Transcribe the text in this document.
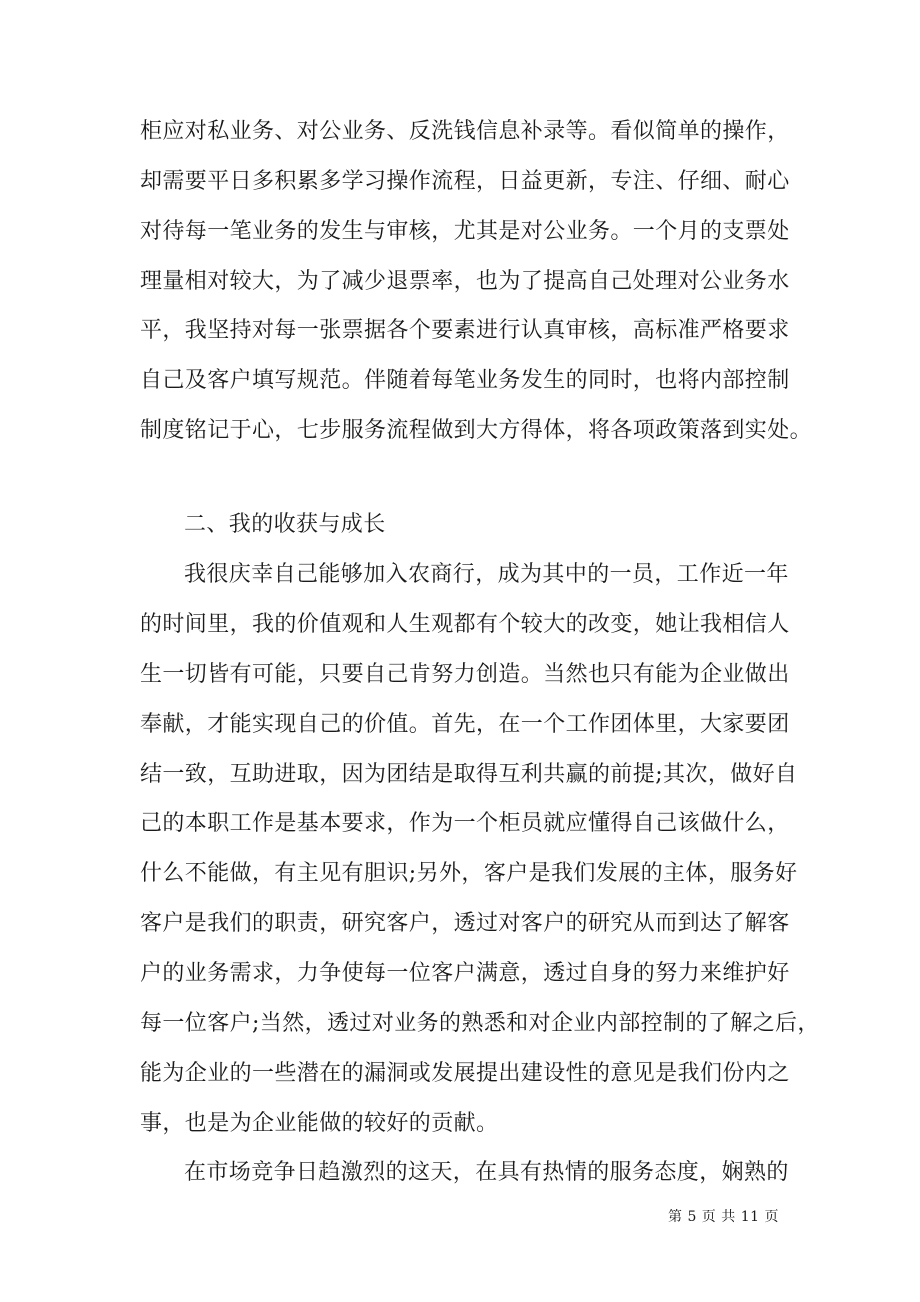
柜应对私业务、对公业务、反洗钱信息补录等。看似简单的操作，
却需要平日多积累多学习操作流程，日益更新，专注、仔细、耐心
对待每一笔业务的发生与审核，尤其是对公业务。一个月的支票处
理量相对较大，为了减少退票率，也为了提高自己处理对公业务水
平，我坚持对每一张票据各个要素进行认真审核，高标准严格要求
自己及客户填写规范。伴随着每笔业务发生的同时，也将内部控制
制度铭记于心，七步服务流程做到大方得体，将各项政策落到实处。
二、我的收获与成长
我很庆幸自己能够加入农商行，成为其中的一员，工作近一年
的时间里，我的价值观和人生观都有个较大的改变，她让我相信人
生一切皆有可能，只要自己肯努力创造。当然也只有能为企业做出
奉献，才能实现自己的价值。首先，在一个工作团体里，大家要团
结一致，互助进取，因为团结是取得互利共赢的前提;其次，做好自
己的本职工作是基本要求，作为一个柜员就应懂得自己该做什么，
什么不能做，有主见有胆识;另外，客户是我们发展的主体，服务好
客户是我们的职责，研究客户，透过对客户的研究从而到达了解客
户的业务需求，力争使每一位客户满意，透过自身的努力来维护好
每一位客户;当然，透过对业务的熟悉和对企业内部控制的了解之后，
能为企业的一些潜在的漏洞或发展提出建设性的意见是我们份内之
事，也是为企业能做的较好的贡献。
在市场竞争日趋激烈的这天，在具有热情的服务态度，娴熟的
第 5 页 共 11 页
